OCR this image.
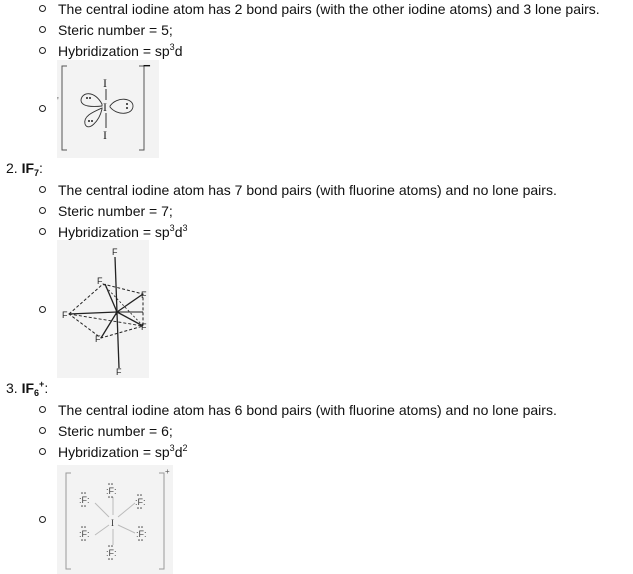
The central iodine atom has 2 bond pairs (with the other iodine atoms) and 3 lone pairs.
Steric number = 5;
Hybridization = $sp^3d$
'
−
I
I
I
2. $IF_7$:
The central iodine atom has 7 bond pairs (with fluorine atoms) and no lone pairs.
Steric number = 7;
Hybridization = $sp^3d^3$
F
F
F
F
F
F
F
I
3. $IF_6^+$:
The central iodine atom has 6 bond pairs (with fluorine atoms) and no lone pairs.
Steric number = 6;
Hybridization = $sp^3d^2$
+
:F:
:F:	:F:
:F:	:F:
:F:
I
